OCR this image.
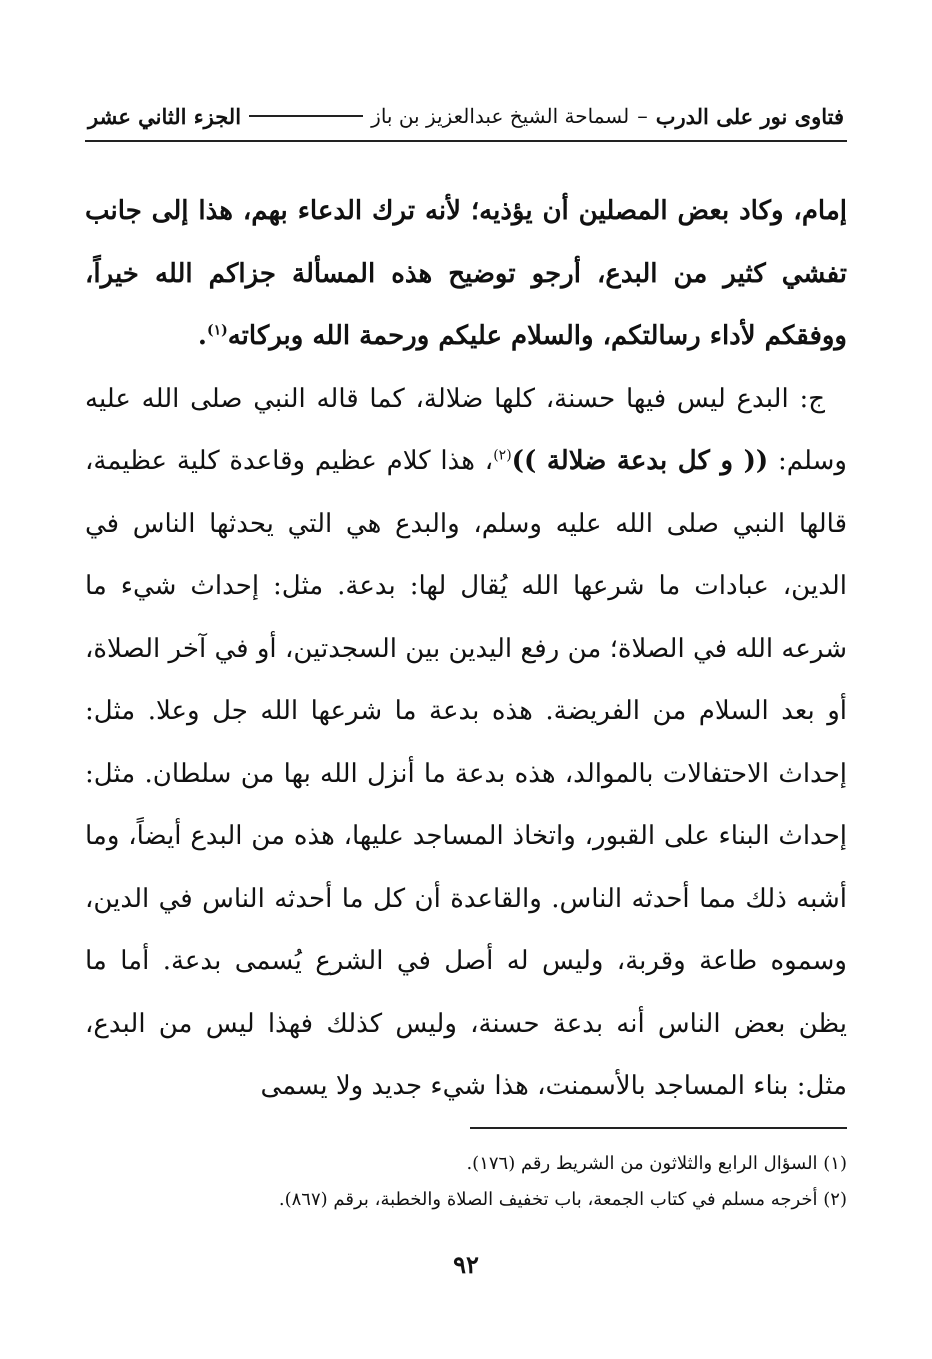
فتاوى نور على الدرب
–
لسماحة الشيخ عبدالعزيز بن باز
الجزء الثاني عشر

إمام، وكاد بعض المصلين أن يؤذيه؛ لأنه ترك الدعاء بهم، هذا إلى جانب تفشي كثير من البدع، أرجو توضيح هذه المسألة جزاكم الله خيراً، ووفقكم لأداء رسالتكم، والسلام عليكم ورحمة الله وبركاته$^{(١)}$.

ج: البدع ليس فيها حسنة، كلها ضلالة، كما قاله النبي صلى الله عليه وسلم: (( و كل بدعة ضلالة ))$^{(٢)}$، هذا كلام عظيم وقاعدة كلية عظيمة، قالها النبي صلى الله عليه وسلم، والبدع هي التي يحدثها الناس في الدين، عبادات ما شرعها الله يُقال لها: بدعة. مثل: إحداث شيء ما شرعه الله في الصلاة؛ من رفع اليدين بين السجدتين، أو في آخر الصلاة، أو بعد السلام من الفريضة. هذه بدعة ما شرعها الله جل وعلا. مثل: إحداث الاحتفالات بالموالد، هذه بدعة ما أنزل الله بها من سلطان. مثل: إحداث البناء على القبور، واتخاذ المساجد عليها، هذه من البدع أيضاً، وما أشبه ذلك مما أحدثه الناس. والقاعدة أن كل ما أحدثه الناس في الدين، وسموه طاعة وقربة، وليس له أصل في الشرع يُسمى بدعة. أما ما يظن بعض الناس أنه بدعة حسنة، وليس كذلك فهذا ليس من البدع، مثل: بناء المساجد بالأسمنت، هذا شيء جديد ولا يسمى

(١) السؤال الرابع والثلاثون من الشريط رقم (١٧٦).

(٢) أخرجه مسلم في كتاب الجمعة، باب تخفيف الصلاة والخطبة، برقم (٨٦٧).

٩٢
